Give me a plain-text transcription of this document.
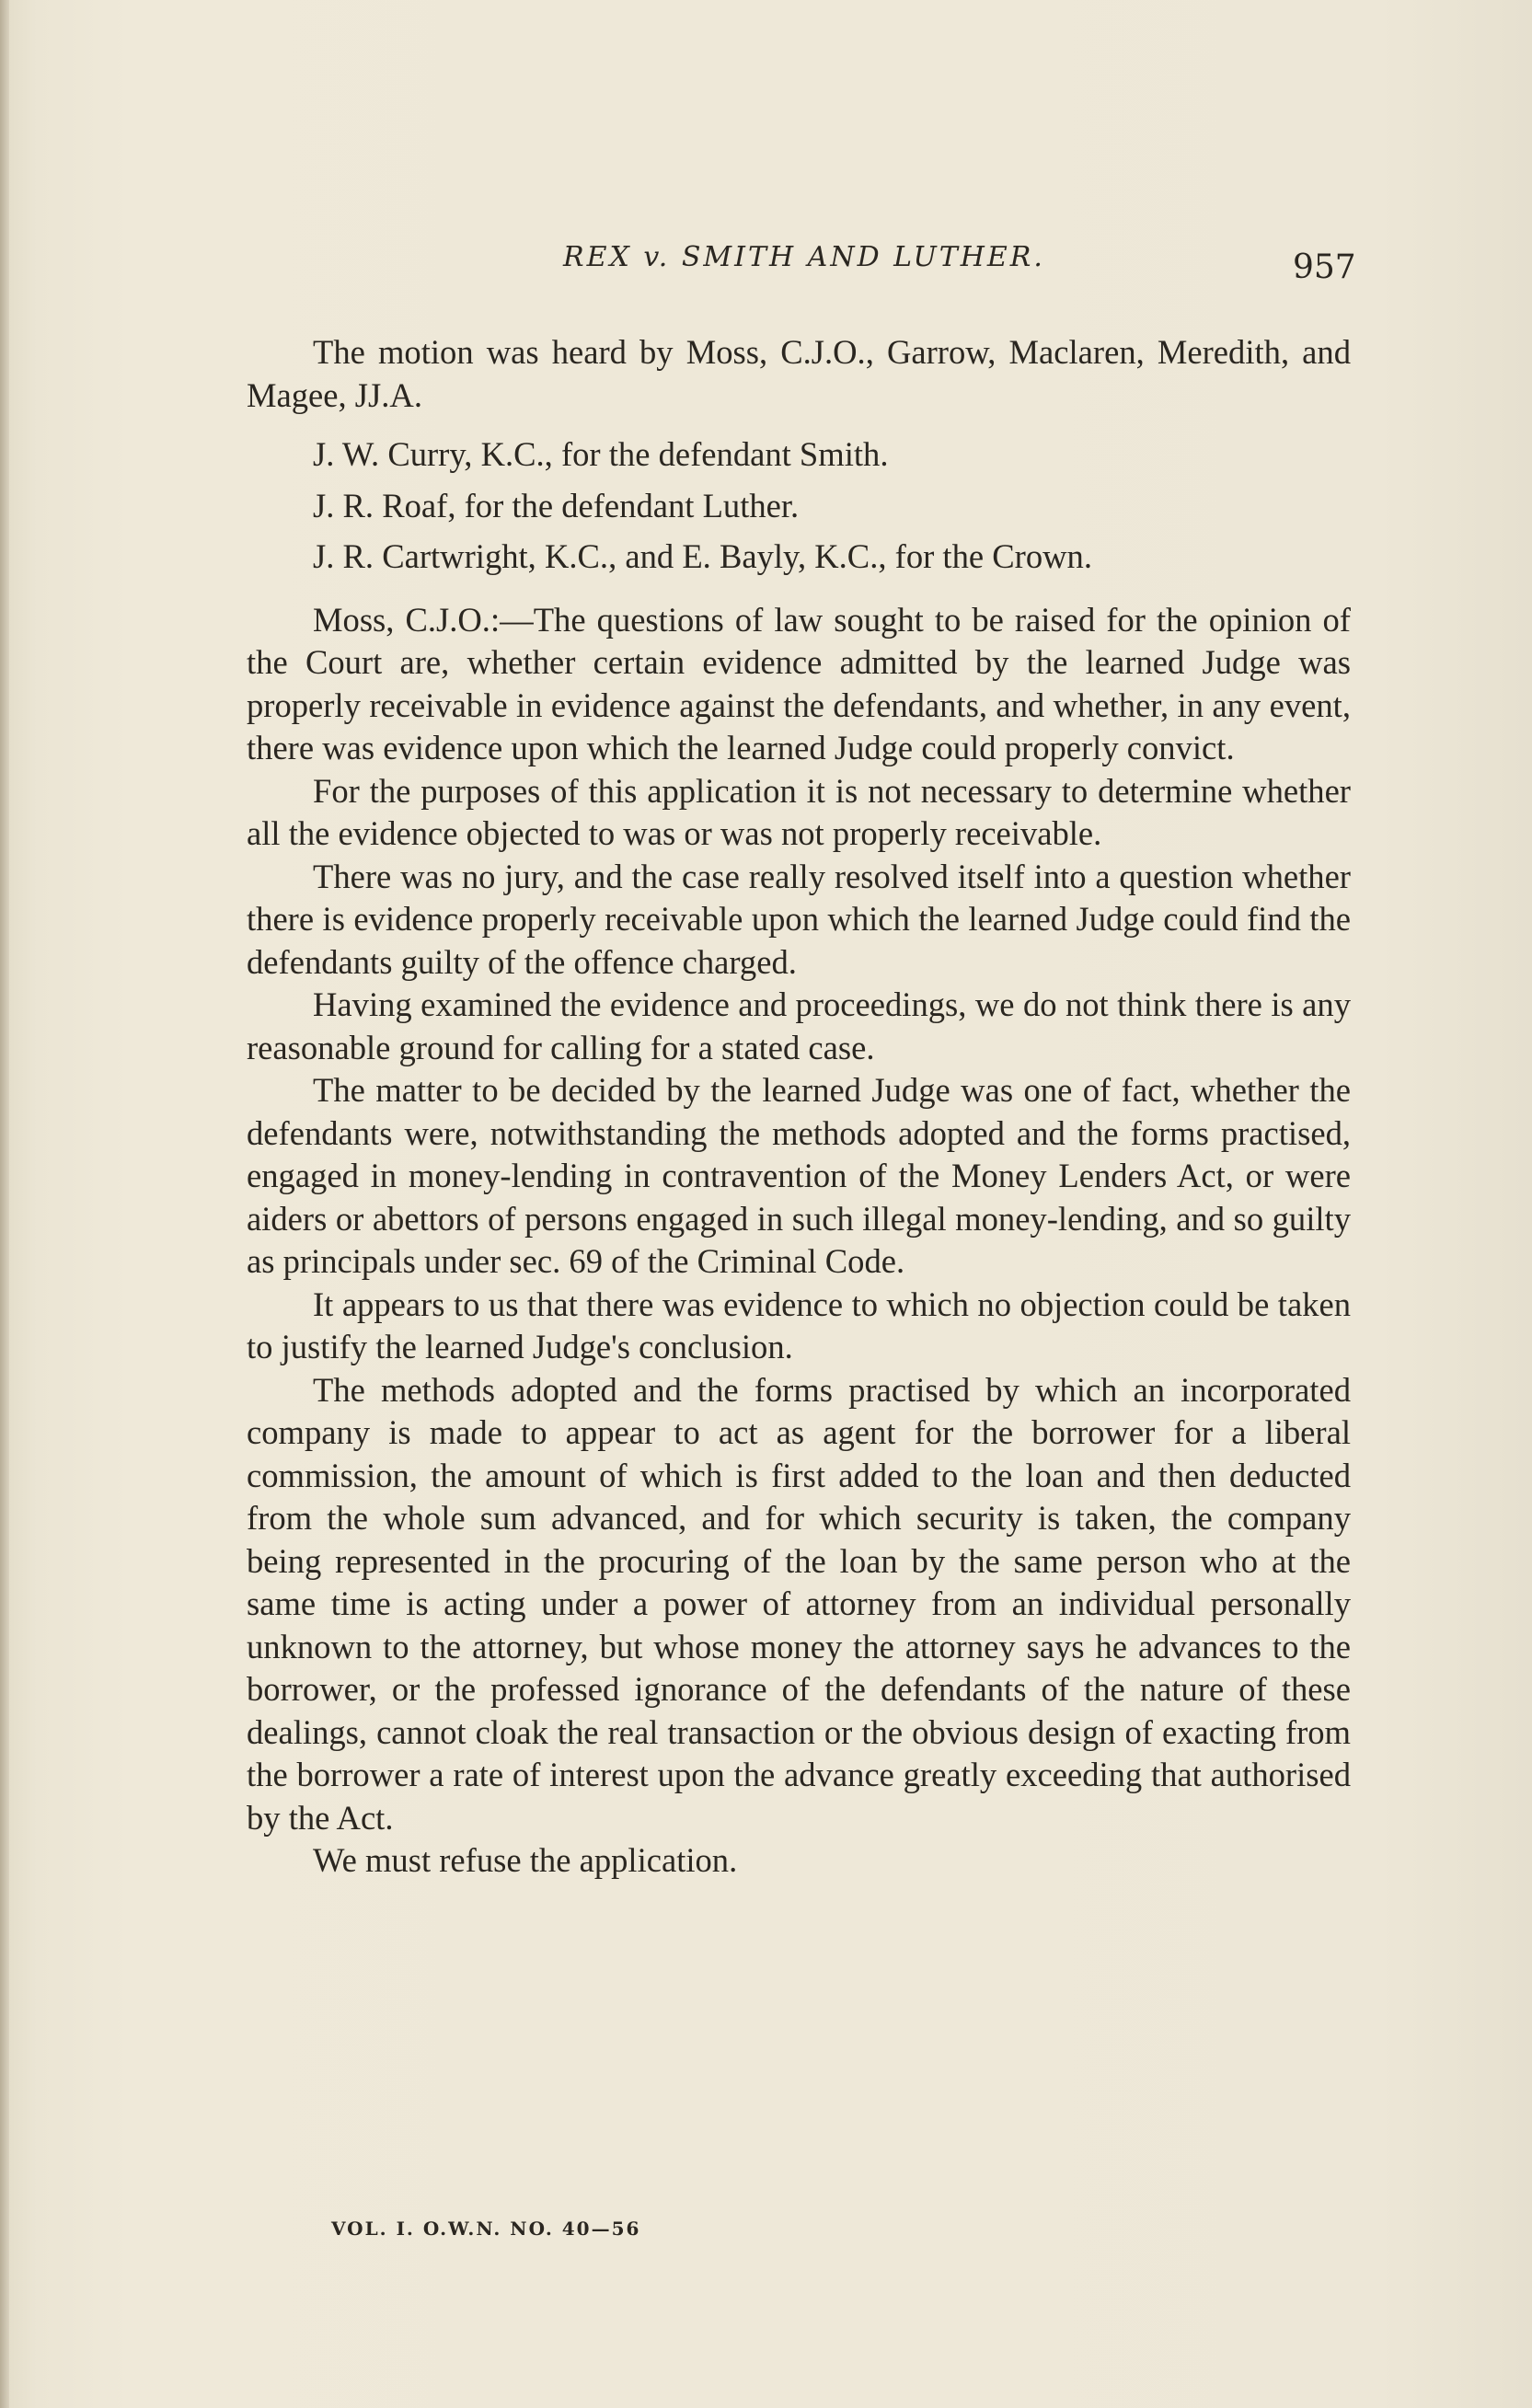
REX v. SMITH AND LUTHER.	957

The motion was heard by Moss, C.J.O., Garrow, Maclaren, Meredith, and Magee, JJ.A.

J. W. Curry, K.C., for the defendant Smith.

J. R. Roaf, for the defendant Luther.

J. R. Cartwright, K.C., and E. Bayly, K.C., for the Crown.

Moss, C.J.O.:—The questions of law sought to be raised for the opinion of the Court are, whether certain evidence admitted by the learned Judge was properly receivable in evidence against the defendants, and whether, in any event, there was evidence upon which the learned Judge could properly convict.

For the purposes of this application it is not necessary to determine whether all the evidence objected to was or was not properly receivable.

There was no jury, and the case really resolved itself into a question whether there is evidence properly receivable upon which the learned Judge could find the defendants guilty of the offence charged.

Having examined the evidence and proceedings, we do not think there is any reasonable ground for calling for a stated case.

The matter to be decided by the learned Judge was one of fact, whether the defendants were, notwithstanding the methods adopted and the forms practised, engaged in money-lending in contravention of the Money Lenders Act, or were aiders or abettors of persons engaged in such illegal money-lending, and so guilty as principals under sec. 69 of the Criminal Code.

It appears to us that there was evidence to which no objection could be taken to justify the learned Judge's conclusion.

The methods adopted and the forms practised by which an incorporated company is made to appear to act as agent for the borrower for a liberal commission, the amount of which is first added to the loan and then deducted from the whole sum advanced, and for which security is taken, the company being represented in the procuring of the loan by the same person who at the same time is acting under a power of attorney from an individual personally unknown to the attorney, but whose money the attorney says he advances to the borrower, or the professed ignorance of the defendants of the nature of these dealings, cannot cloak the real transaction or the obvious design of exacting from the borrower a rate of interest upon the advance greatly exceeding that authorised by the Act.

We must refuse the application.

VOL. I. O.W.N. NO. 40—56
